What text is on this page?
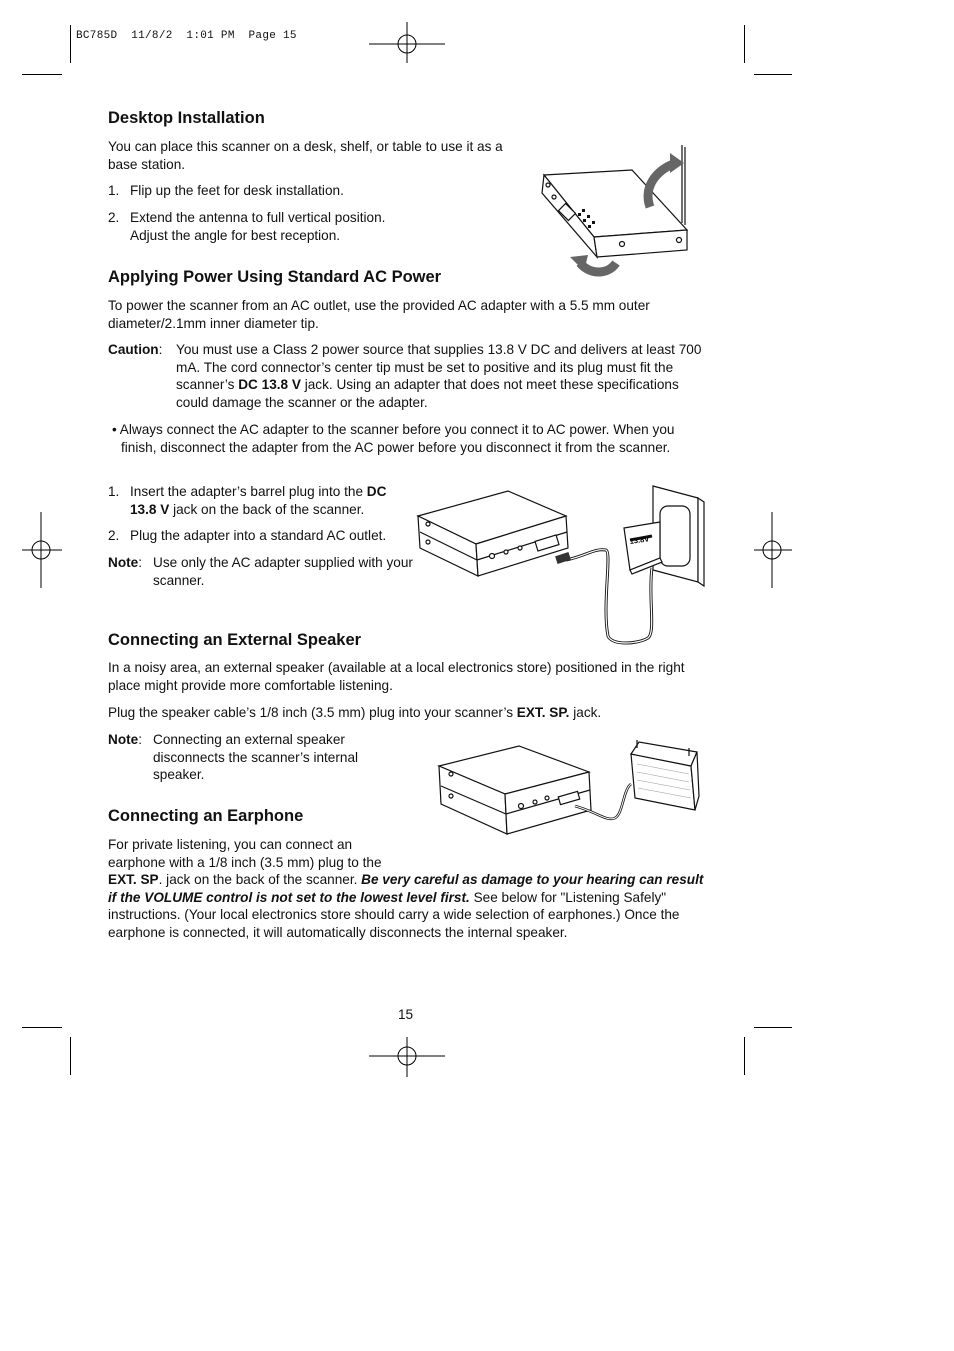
BC785D  11/8/2  1:01 PM  Page 15
Desktop Installation

You can place this scanner on a desk, shelf, or table to use it as a base station.

1. Flip up the feet for desk installation.

2. Extend the antenna to full vertical position. Adjust the angle for best reception.

Applying Power Using Standard AC Power

To power the scanner from an AC outlet, use the provided AC adapter with a 5.5 mm outer diameter/2.1mm inner diameter tip.

Caution: You must use a Class 2 power source that supplies 13.8 V DC and delivers at least 700 mA. The cord connector’s center tip must be set to positive and its plug must fit the scanner’s DC 13.8 V jack. Using an adapter that does not meet these specifications could damage the scanner or the adapter.

• Always connect the AC adapter to the scanner before you connect it to AC power. When you finish, disconnect the adapter from the AC power before you disconnect it from the scanner.

1. Insert the adapter’s barrel plug into the DC 13.8 V jack on the back of the scanner.

2. Plug the adapter into a standard AC outlet.

Note: Use only the AC adapter supplied with your scanner.

13.8V
Connecting an External Speaker

In a noisy area, an external speaker (available at a local electronics store) positioned in the right place might provide more comfortable listening.

Plug the speaker cable’s 1/8 inch (3.5 mm) plug into your scanner’s EXT. SP. jack.

Note: Connecting an external speaker disconnects the scanner’s internal speaker.

Connecting an Earphone

For private listening, you can connect an earphone with a 1/8 inch (3.5 mm) plug to the

EXT. SP. jack on the back of the scanner. Be very careful as damage to your hearing can result if the VOLUME control is not set to the lowest level first. See below for "Listening Safely" instructions. (Your local electronics store should carry a wide selection of earphones.) Once the earphone is connected, it will automatically disconnects the internal speaker.

15
